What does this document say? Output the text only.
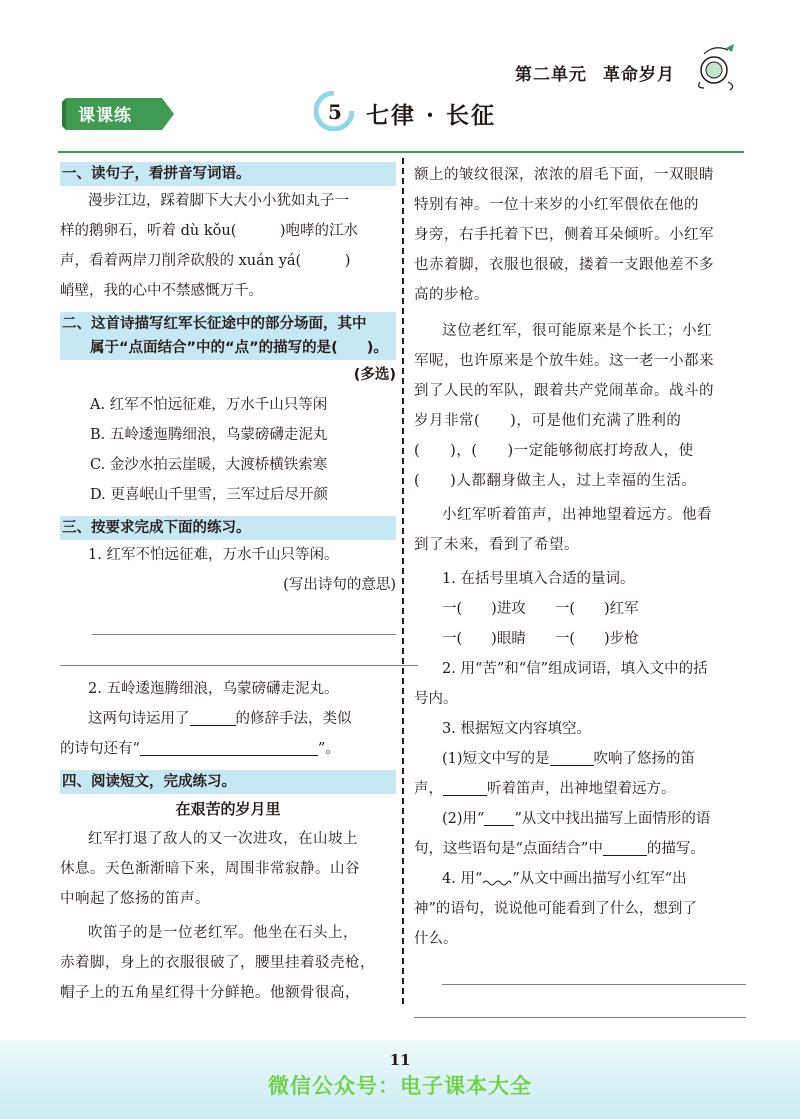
第二单元 革命岁月
课课练	5 七律 · 长征
一、读句子，看拼音写词语。
漫步江边，踩着脚下大大小小犹如丸子一
样的鹅卵石，听着 dù kǒu(　　　)咆哮的江水
声，看着两岸刀削斧砍般的 xuán yá(　　　)
峭壁，我的心中不禁感慨万千。
二、这首诗描写红军长征途中的部分场面，其中
属于“点面结合”中的“点”的描写的是(　　)。
(多选)
A. 红军不怕远征难，万水千山只等闲
B. 五岭逶迤腾细浪，乌蒙磅礴走泥丸
C. 金沙水拍云崖暖，大渡桥横铁索寒
D. 更喜岷山千里雪，三军过后尽开颜
三、按要求完成下面的练习。
1. 红军不怕远征难，万水千山只等闲。
(写出诗句的意思)
2. 五岭逶迤腾细浪，乌蒙磅礴走泥丸。
这两句诗运用了	的修辞手法，类似
的诗句还有“	”。
四、阅读短文，完成练习。
在艰苦的岁月里
红军打退了敌人的又一次进攻，在山坡上
休息。天色渐渐暗下来，周围非常寂静。山谷
中响起了悠扬的笛声。
吹笛子的是一位老红军。他坐在石头上，
赤着脚，身上的衣服很破了，腰里挂着驳壳枪，
帽子上的五角星红得十分鲜艳。他额骨很高，
额上的皱纹很深，浓浓的眉毛下面，一双眼睛
特别有神。一位十来岁的小红军偎依在他的
身旁，右手托着下巴，侧着耳朵倾听。小红军
也赤着脚，衣服也很破，搂着一支跟他差不多
高的步枪。
这位老红军，很可能原来是个长工；小红
军呢，也许原来是个放牛娃。这一老一小都来
到了人民的军队，跟着共产党闹革命。战斗的
岁月非常(　　)，可是他们充满了胜利的
(　　)，(　　)一定能够彻底打垮敌人，使
(　　)人都翻身做主人，过上幸福的生活。
小红军听着笛声，出神地望着远方。他看
到了未来，看到了希望。
1. 在括号里填入合适的量词。
一(　　)进攻　　一(　　)红军
一(　　)眼睛　　一(　　)步枪
2. 用“苦”和“信”组成词语，填入文中的括
号内。
3. 根据短文内容填空。
(1)短文中写的是	吹响了悠扬的笛
声，	听着笛声，出神地望着远方。
(2)用“ ”从文中找出描写上面情形的语
句，这些语句是“点面结合”中	的描写。
4. 用“ ”从文中画出描写小红军“出
神”的语句，说说他可能看到了什么，想到了
什么。
11
微信公众号：电子课本大全
